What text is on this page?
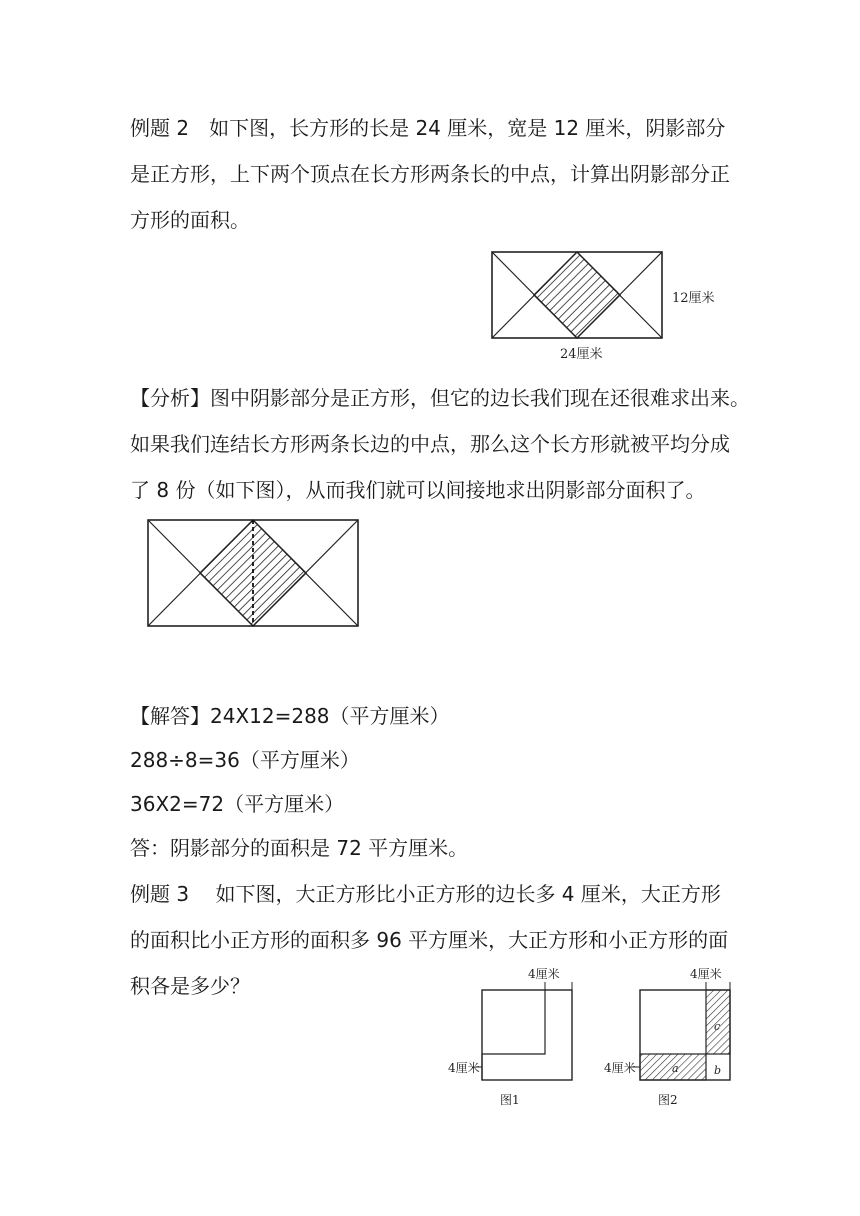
例题 2　如下图，长方形的长是 24 厘米，宽是 12 厘米，阴影部分

是正方形，上下两个顶点在长方形两条长的中点，计算出阴影部分正

方形的面积。

12厘米
24厘米

【分析】图中阴影部分是正方形，但它的边长我们现在还很难求出来。

如果我们连结长方形两条长边的中点，那么这个长方形就被平均分成

了 8 份（如下图），从而我们就可以间接地求出阴影部分面积了。

【解答】24X12=288（平方厘米）

288÷8=36（平方厘米）

36X2=72（平方厘米）

答：阴影部分的面积是 72 平方厘米。

例题 3　 如下图，大正方形比小正方形的边长多 4 厘米，大正方形

的面积比小正方形的面积多 96 平方厘米，大正方形和小正方形的面

积各是多少？	4厘米
4厘米
图1
4厘米
4厘米	a	b
c
图2
